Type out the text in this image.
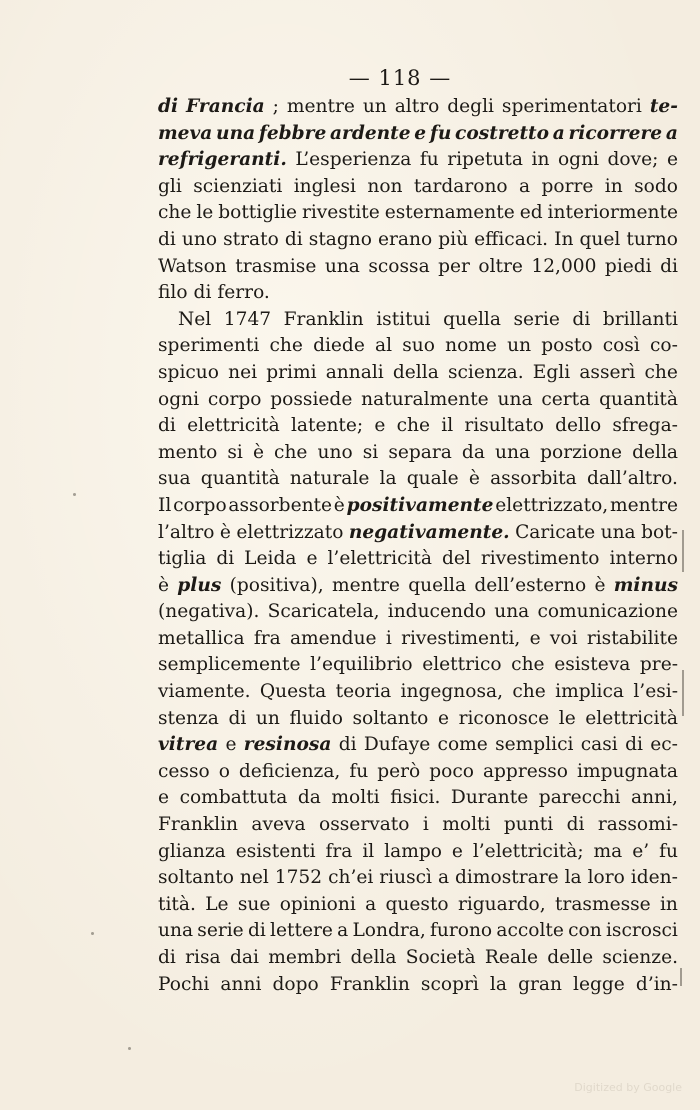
— 118 —
di Francia ; mentre un altro degli sperimentatori te-
meva una febbre ardente e fu costretto a ricorrere a
refrigeranti. L’esperienza fu ripetuta in ogni dove; e
gli scienziati inglesi non tardarono a porre in sodo
che le bottiglie rivestite esternamente ed interiormente
di uno strato di stagno erano più efficaci. In quel turno
Watson trasmise una scossa per oltre 12,000 piedi di
filo di ferro.
Nel 1747 Franklin istitui quella serie di brillanti
sperimenti che diede al suo nome un posto così co-
spicuo nei primi annali della scienza. Egli asserì che
ogni corpo possiede naturalmente una certa quantità
di elettricità latente; e che il risultato dello sfrega-
mento si è che uno si separa da una porzione della
sua quantità naturale la quale è assorbita dall’altro.
Il corpo assorbente è positivamente elettrizzato, mentre
l’altro è elettrizzato negativamente. Caricate una bot-
tiglia di Leida e l’elettricità del rivestimento interno
è plus (positiva), mentre quella dell’esterno è minus
(negativa). Scaricatela, inducendo una comunicazione
metallica fra amendue i rivestimenti, e voi ristabilite
semplicemente l’equilibrio elettrico che esisteva pre-
viamente. Questa teoria ingegnosa, che implica l’esi-
stenza di un fluido soltanto e riconosce le elettricità
vitrea e resinosa di Dufaye come semplici casi di ec-
cesso o deficienza, fu però poco appresso impugnata
e combattuta da molti fisici. Durante parecchi anni,
Franklin aveva osservato i molti punti di rassomi-
glianza esistenti fra il lampo e l’elettricità; ma e’ fu
soltanto nel 1752 ch’ei riuscì a dimostrare la loro iden-
tità. Le sue opinioni a questo riguardo, trasmesse in
una serie di lettere a Londra, furono accolte con iscrosci
di risa dai membri della Società Reale delle scienze.
Pochi anni dopo Franklin scoprì la gran legge d’in-
Digitized by Google
